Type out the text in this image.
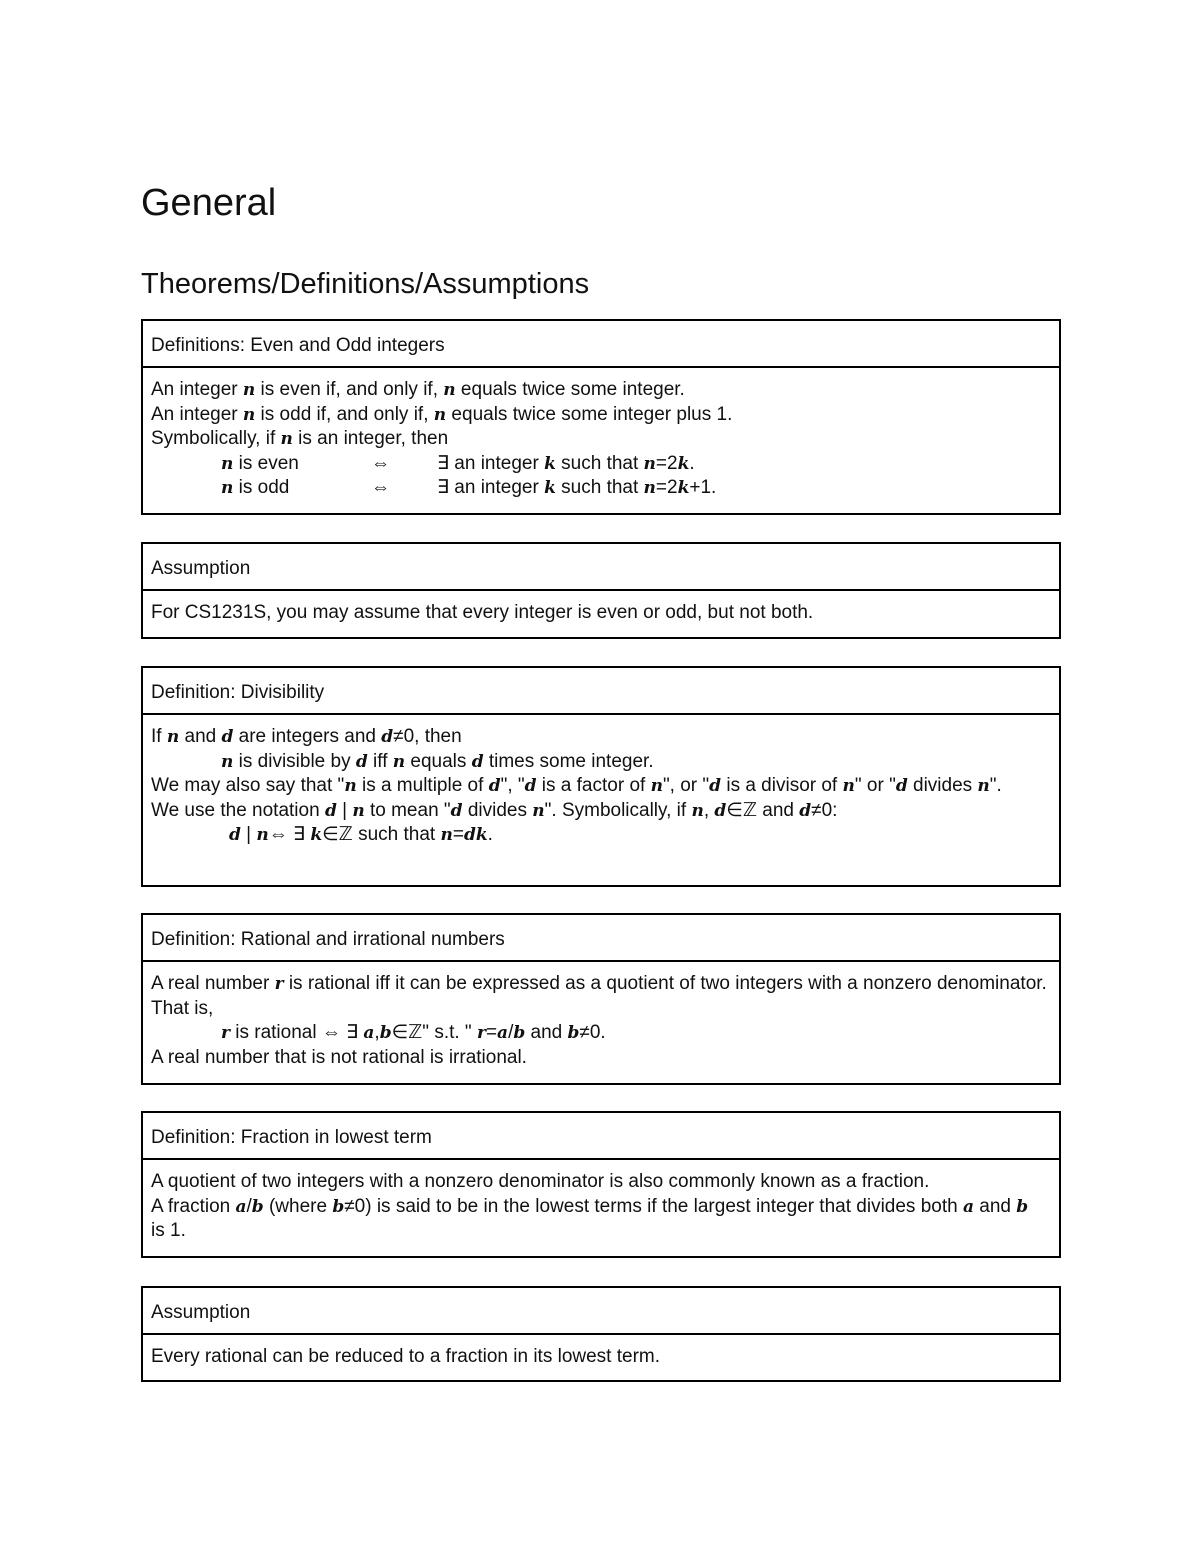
General
Theorems/Definitions/Assumptions
Definitions: Even and Odd integers
An integer n is even if, and only if, n equals twice some integer.
An integer n is odd if, and only if, n equals twice some integer plus 1.
Symbolically, if n is an integer, then
n is even	⇔ ∃ an integer k such that n=2k.
n is odd	⇔ ∃ an integer k such that n=2k+1.
Assumption
For CS1231S, you may assume that every integer is even or odd, but not both.
Definition: Divisibility
If n and d are integers and d≠0, then
n is divisible by d iff n equals d times some integer.
We may also say that "n is a multiple of d", "d is a factor of n", or "d is a divisor of n" or "d divides n".
We use the notation d | n to mean "d divides n". Symbolically, if n, d∈ℤ and d≠0:
d | n⇔ ∃ k∈ℤ such that n=dk.
Definition: Rational and irrational numbers
A real number r is rational iff it can be expressed as a quotient of two integers with a nonzero denominator. That is,
r is rational ⇔ ∃ a,b∈ℤ" s.t. " r=a/b and b≠0.
A real number that is not rational is irrational.
Definition: Fraction in lowest term
A quotient of two integers with a nonzero denominator is also commonly known as a fraction.
A fraction a/b (where b≠0) is said to be in the lowest terms if the largest integer that divides both a and b is 1.
Assumption
Every rational can be reduced to a fraction in its lowest term.
